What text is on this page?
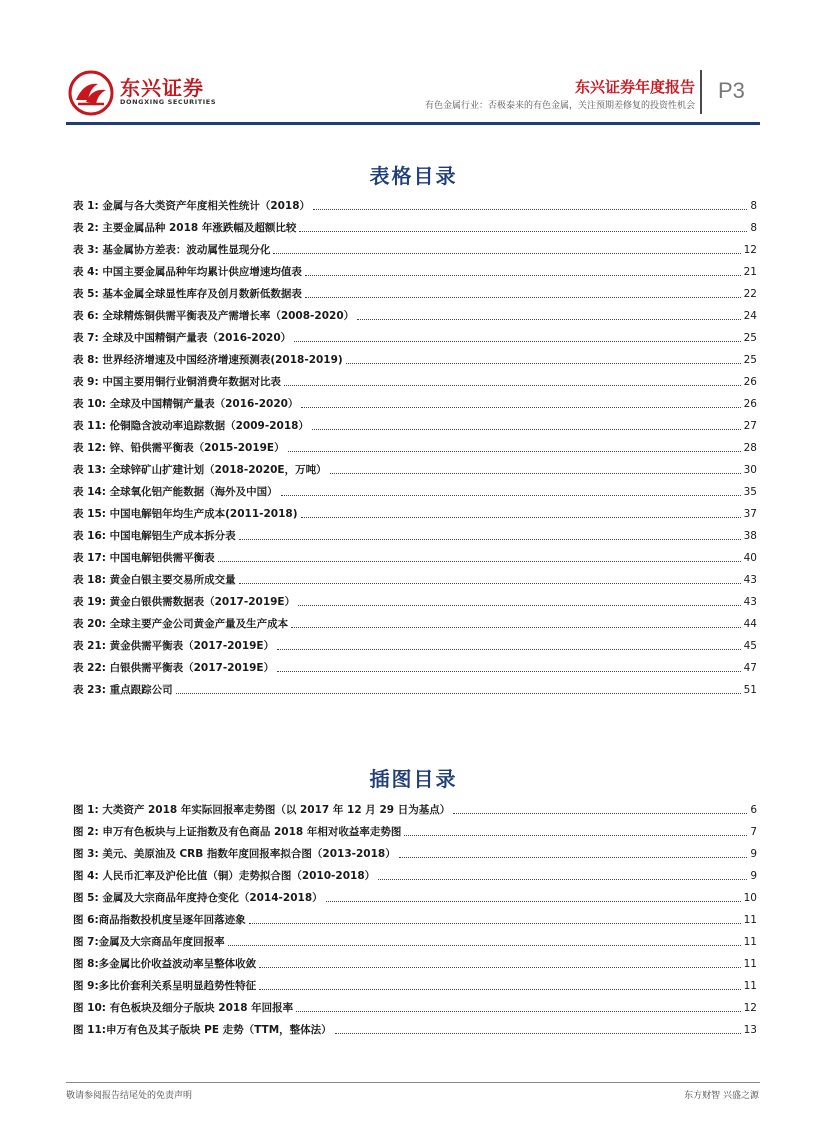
东兴证券
DONGXING SECURITIES
东兴证券年度报告
有色金属行业：否极泰来的有色金属，关注预期差修复的投资性机会
P3
表格目录
表 1: 金属与各大类资产年度相关性统计（2018）	8
表 2: 主要金属品种 2018 年涨跌幅及超额比较	8
表 3: 基金属协方差表：波动属性显现分化	12
表 4: 中国主要金属品种年均累计供应增速均值表	21
表 5: 基本金属全球显性库存及创月数新低数据表	22
表 6: 全球精炼铜供需平衡表及产需增长率（2008-2020）	24
表 7: 全球及中国精铜产量表（2016-2020）	25
表 8: 世界经济增速及中国经济增速预测表(2018-2019)	25
表 9: 中国主要用铜行业铜消费年数据对比表	26
表 10: 全球及中国精铜产量表（2016-2020）	26
表 11: 伦铜隐含波动率追踪数据（2009-2018）	27
表 12: 锌、铅供需平衡表（2015-2019E）	28
表 13: 全球锌矿山扩建计划（2018-2020E，万吨）	30
表 14: 全球氧化铝产能数据（海外及中国）	35
表 15: 中国电解铝年均生产成本(2011-2018)	37
表 16: 中国电解铝生产成本拆分表	38
表 17: 中国电解铝供需平衡表	40
表 18: 黄金白银主要交易所成交量	43
表 19: 黄金白银供需数据表（2017-2019E）	43
表 20: 全球主要产金公司黄金产量及生产成本	44
表 21: 黄金供需平衡表（2017-2019E）	45
表 22: 白银供需平衡表（2017-2019E）	47
表 23: 重点跟踪公司	51
插图目录
图 1: 大类资产 2018 年实际回报率走势图（以 2017 年 12 月 29 日为基点）	6
图 2: 申万有色板块与上证指数及有色商品 2018 年相对收益率走势图	7
图 3: 美元、美原油及 CRB 指数年度回报率拟合图（2013-2018）	9
图 4: 人民币汇率及沪伦比值（铜）走势拟合图（2010-2018）	9
图 5: 金属及大宗商品年度持仓变化（2014-2018）	10
图 6:商品指数投机度呈逐年回落迹象	11
图 7:金属及大宗商品年度回报率	11
图 8:多金属比价收益波动率呈整体收敛	11
图 9:多比价套利关系呈明显趋势性特征	11
图 10: 有色板块及细分子版块 2018 年回报率	12
图 11:申万有色及其子版块 PE 走势（TTM，整体法）	13
敬请参阅报告结尾处的免责声明	东方财智 兴盛之源
